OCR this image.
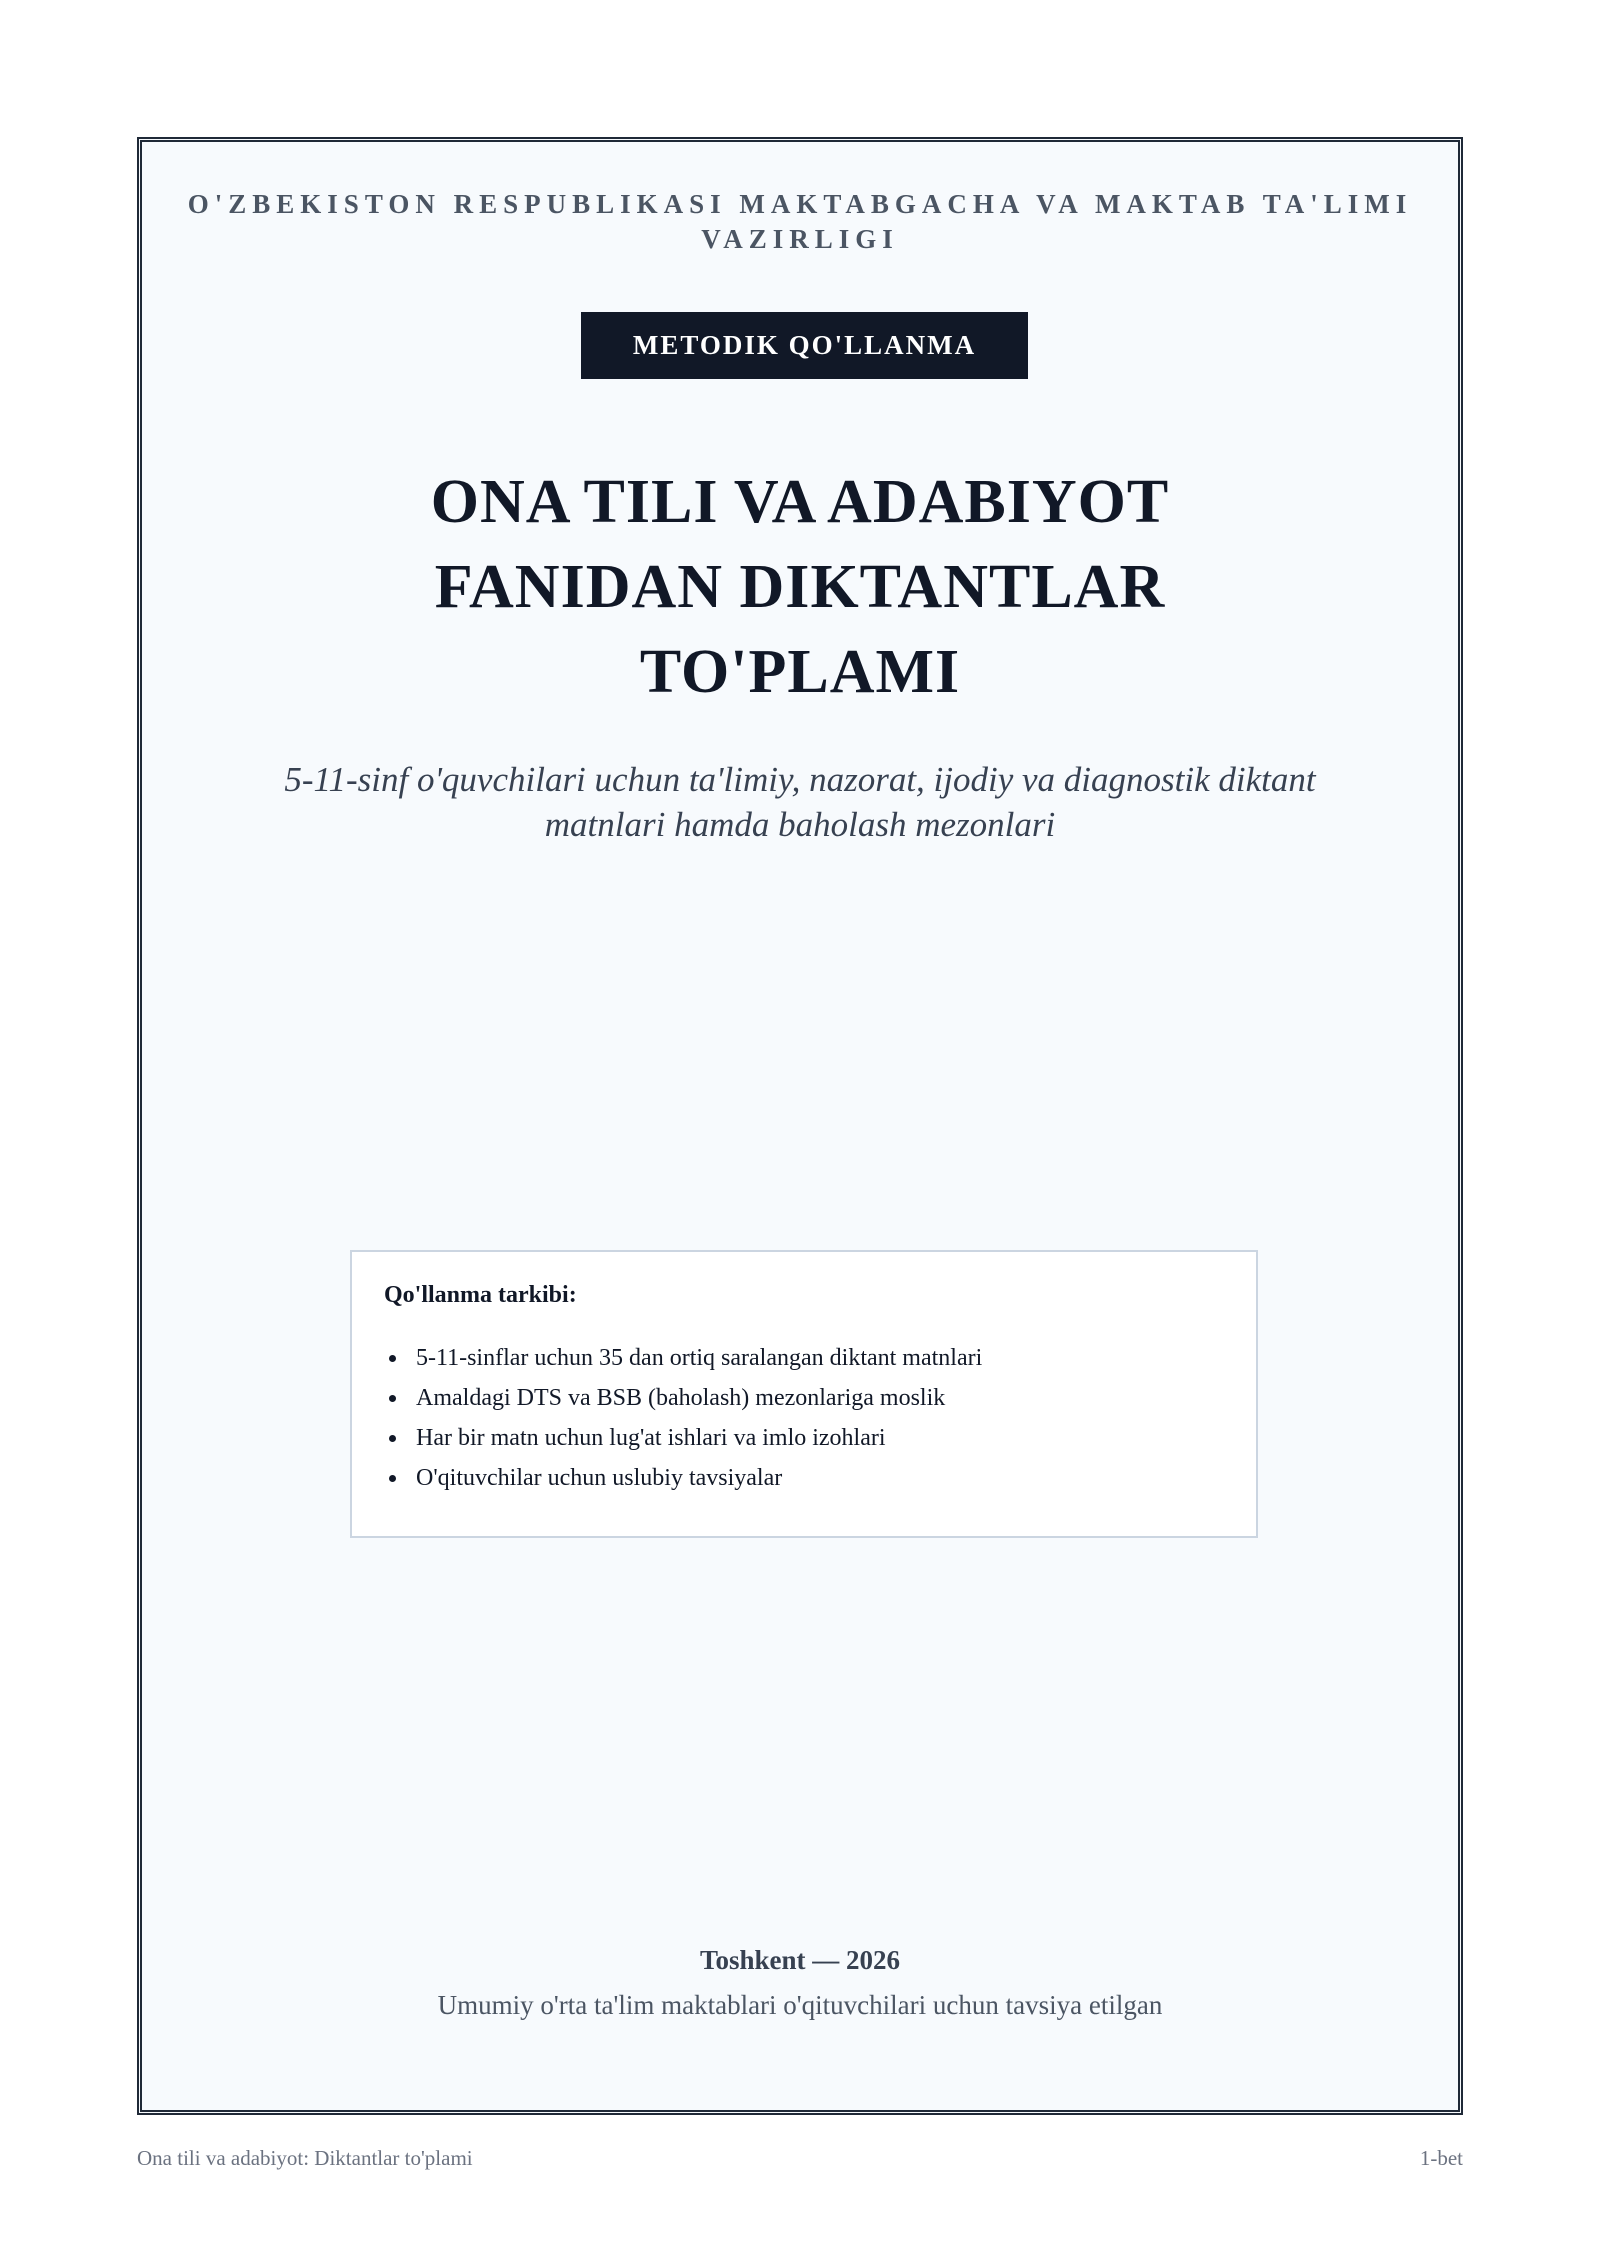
O'ZBEKISTON RESPUBLIKASI MAKTABGACHA VA MAKTAB TA'LIMI VAZIRLIGI
METODIK QO'LLANMA
ONA TILI VA ADABIYOT
FANIDAN DIKTANTLAR
TO'PLAMI
5-11-sinf o'quvchilari uchun ta'limiy, nazorat, ijodiy va diagnostik diktant matnlari hamda baholash mezonlari
Qo'llanma tarkibi:
5-11-sinflar uchun 35 dan ortiq saralangan diktant matnlari
Amaldagi DTS va BSB (baholash) mezonlariga moslik
Har bir matn uchun lug'at ishlari va imlo izohlari
O'qituvchilar uchun uslubiy tavsiyalar
Toshkent — 2026
Umumiy o'rta ta'lim maktablari o'qituvchilari uchun tavsiya etilgan
Ona tili va adabiyot: Diktantlar to'plami	1-bet
